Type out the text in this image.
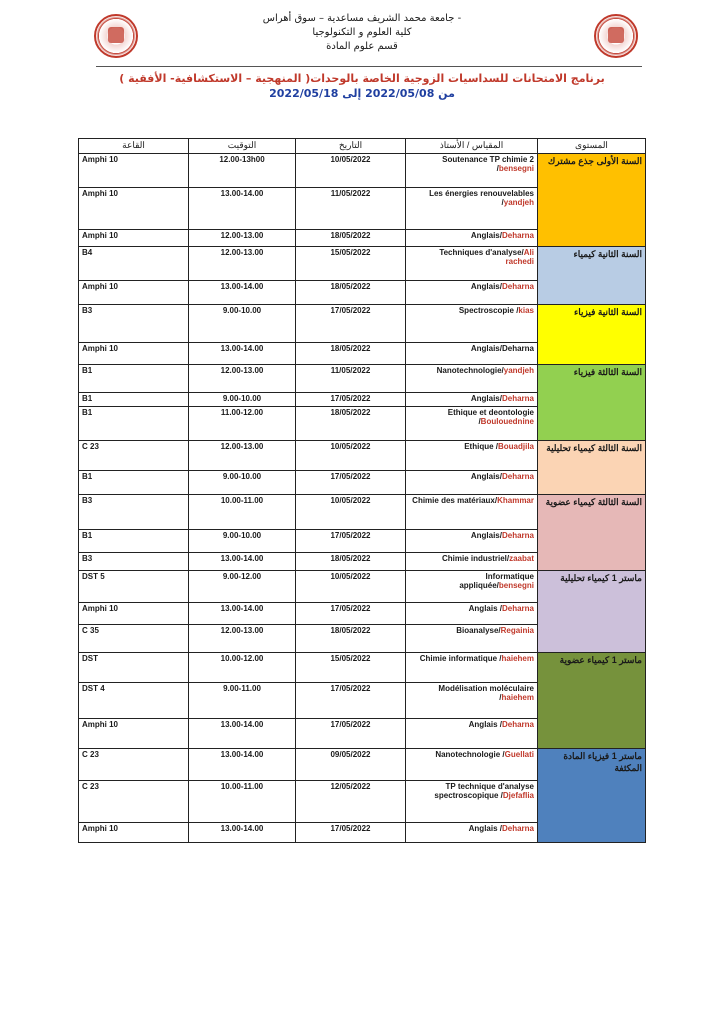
جامعة محمد الشريف مساعدية – سوق أهراس -
كلية العلوم و التكنولوجيا
قسم علوم المادة
برنامج الامتحانات للسداسيات الزوجية الخاصة بالوحدات( المنهجية – الاستكشافية- الأفقية )
من 2022/05/08 إلى 2022/05/18
القاعة	التوقيت	التاريخ	المقياس / الأستاذ	المستوى
Amphi 10	12.00-13h00	10/05/2022	Soutenance TP chimie 2 /bensegni	السنة الأولى جذع مشترك
Amphi 10	13.00-14.00	11/05/2022	Les énergies renouvelables /yandjeh	
Amphi 10	12.00-13.00	18/05/2022	Anglais/Deharna	
B4	12.00-13.00	15/05/2022	Techniques d'analyse/Ali rachedi	السنة الثانية كيمياء
Amphi 10	13.00-14.00	18/05/2022	Anglais/Deharna	
B3	9.00-10.00	17/05/2022	Spectroscopie /kias	السنة الثانية فيزياء
Amphi 10	13.00-14.00	18/05/2022	Anglais/Deharna	
B1	12.00-13.00	11/05/2022	Nanotechnologie/yandjeh	السنة الثالثة فيزياء
B1	9.00-10.00	17/05/2022	Anglais/Deharna	
B1	11.00-12.00	18/05/2022	Ethique et deontologie /Boulouednine	
C 23	12.00-13.00	10/05/2022	Ethique /Bouadjila	السنة الثالثة كيمياء تحليلية
B1	9.00-10.00	17/05/2022	Anglais/Deharna	
B3	10.00-11.00	10/05/2022	Chimie des matériaux/Khammar	السنة الثالثة كيمياء عضوية
B1	9.00-10.00	17/05/2022	Anglais/Deharna	
B3	13.00-14.00	18/05/2022	Chimie industriel/zaabat	
DST 5	9.00-12.00	10/05/2022	Informatique appliquée/bensegni	ماستر 1 كيمياء تحليلية
Amphi 10	13.00-14.00	17/05/2022	Anglais /Deharna	
C 35	12.00-13.00	18/05/2022	Bioanalyse/Regainia	
DST	10.00-12.00	15/05/2022	Chimie informatique /haiehem	ماستر 1 كيمياء عضوية
DST 4	9.00-11.00	17/05/2022	Modélisation moléculaire /haiehem	
Amphi 10	13.00-14.00	17/05/2022	Anglais /Deharna	
C 23	13.00-14.00	09/05/2022	Nanotechnologie /Guellati	ماستر 1 فيزياء المادة المكثفة
C 23	10.00-11.00	12/05/2022	TP technique d'analyse spectroscopique /Djefaflia	
Amphi 10	13.00-14.00	17/05/2022	Anglais /Deharna	
